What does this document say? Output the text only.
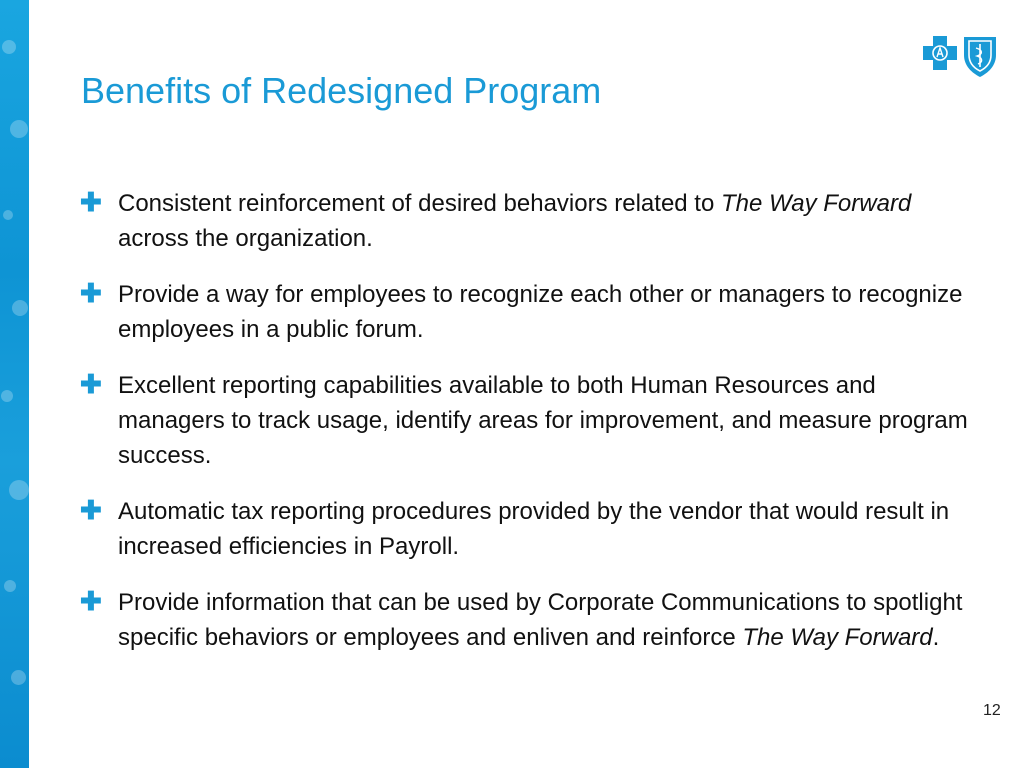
Benefits of Redesigned Program
✚ Consistent reinforcement of desired behaviors related to The Way Forward across the organization.
✚ Provide a way for employees to recognize each other or managers to recognize employees in a public forum.
✚ Excellent reporting capabilities available to both Human Resources and managers to track usage, identify areas for improvement, and measure program success.
✚ Automatic tax reporting procedures provided by the vendor that would result in increased efficiencies in Payroll.
✚ Provide information that can be used by Corporate Communications to spotlight specific behaviors or employees and enliven and reinforce The Way Forward.
12
